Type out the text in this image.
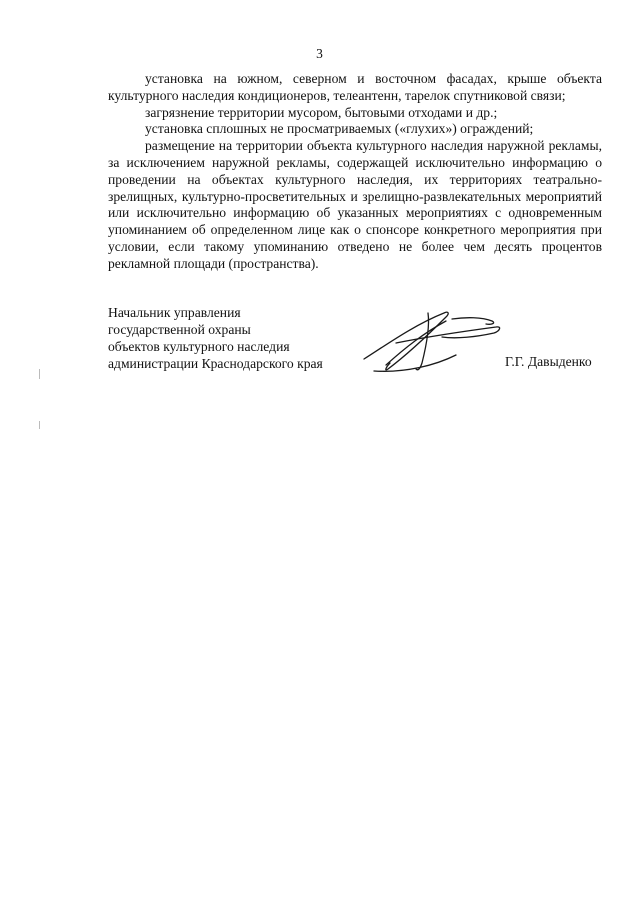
3

установка на южном, северном и восточном фасадах, крыше объекта культурного наследия кондиционеров, телеантенн, тарелок спутниковой связи;

загрязнение территории мусором, бытовыми отходами и др.;

установка сплошных не просматриваемых («глухих») ограждений;

размещение на территории объекта культурного наследия наружной рекламы, за исключением наружной рекламы, содержащей исключительно информацию о проведении на объектах культурного наследия, их территориях театрально-зрелищных, культурно-просветительных и зрелищно-развлекательных мероприятий или исключительно информацию об указанных мероприятиях с одновременным упоминанием об определенном лице как о спонсоре конкретного мероприятия при условии, если такому упоминанию отведено не более чем десять процентов рекламной площади (пространства).

Начальник управления
государственной охраны
объектов культурного наследия
администрации Краснодарского края	Г.Г. Давыденко
